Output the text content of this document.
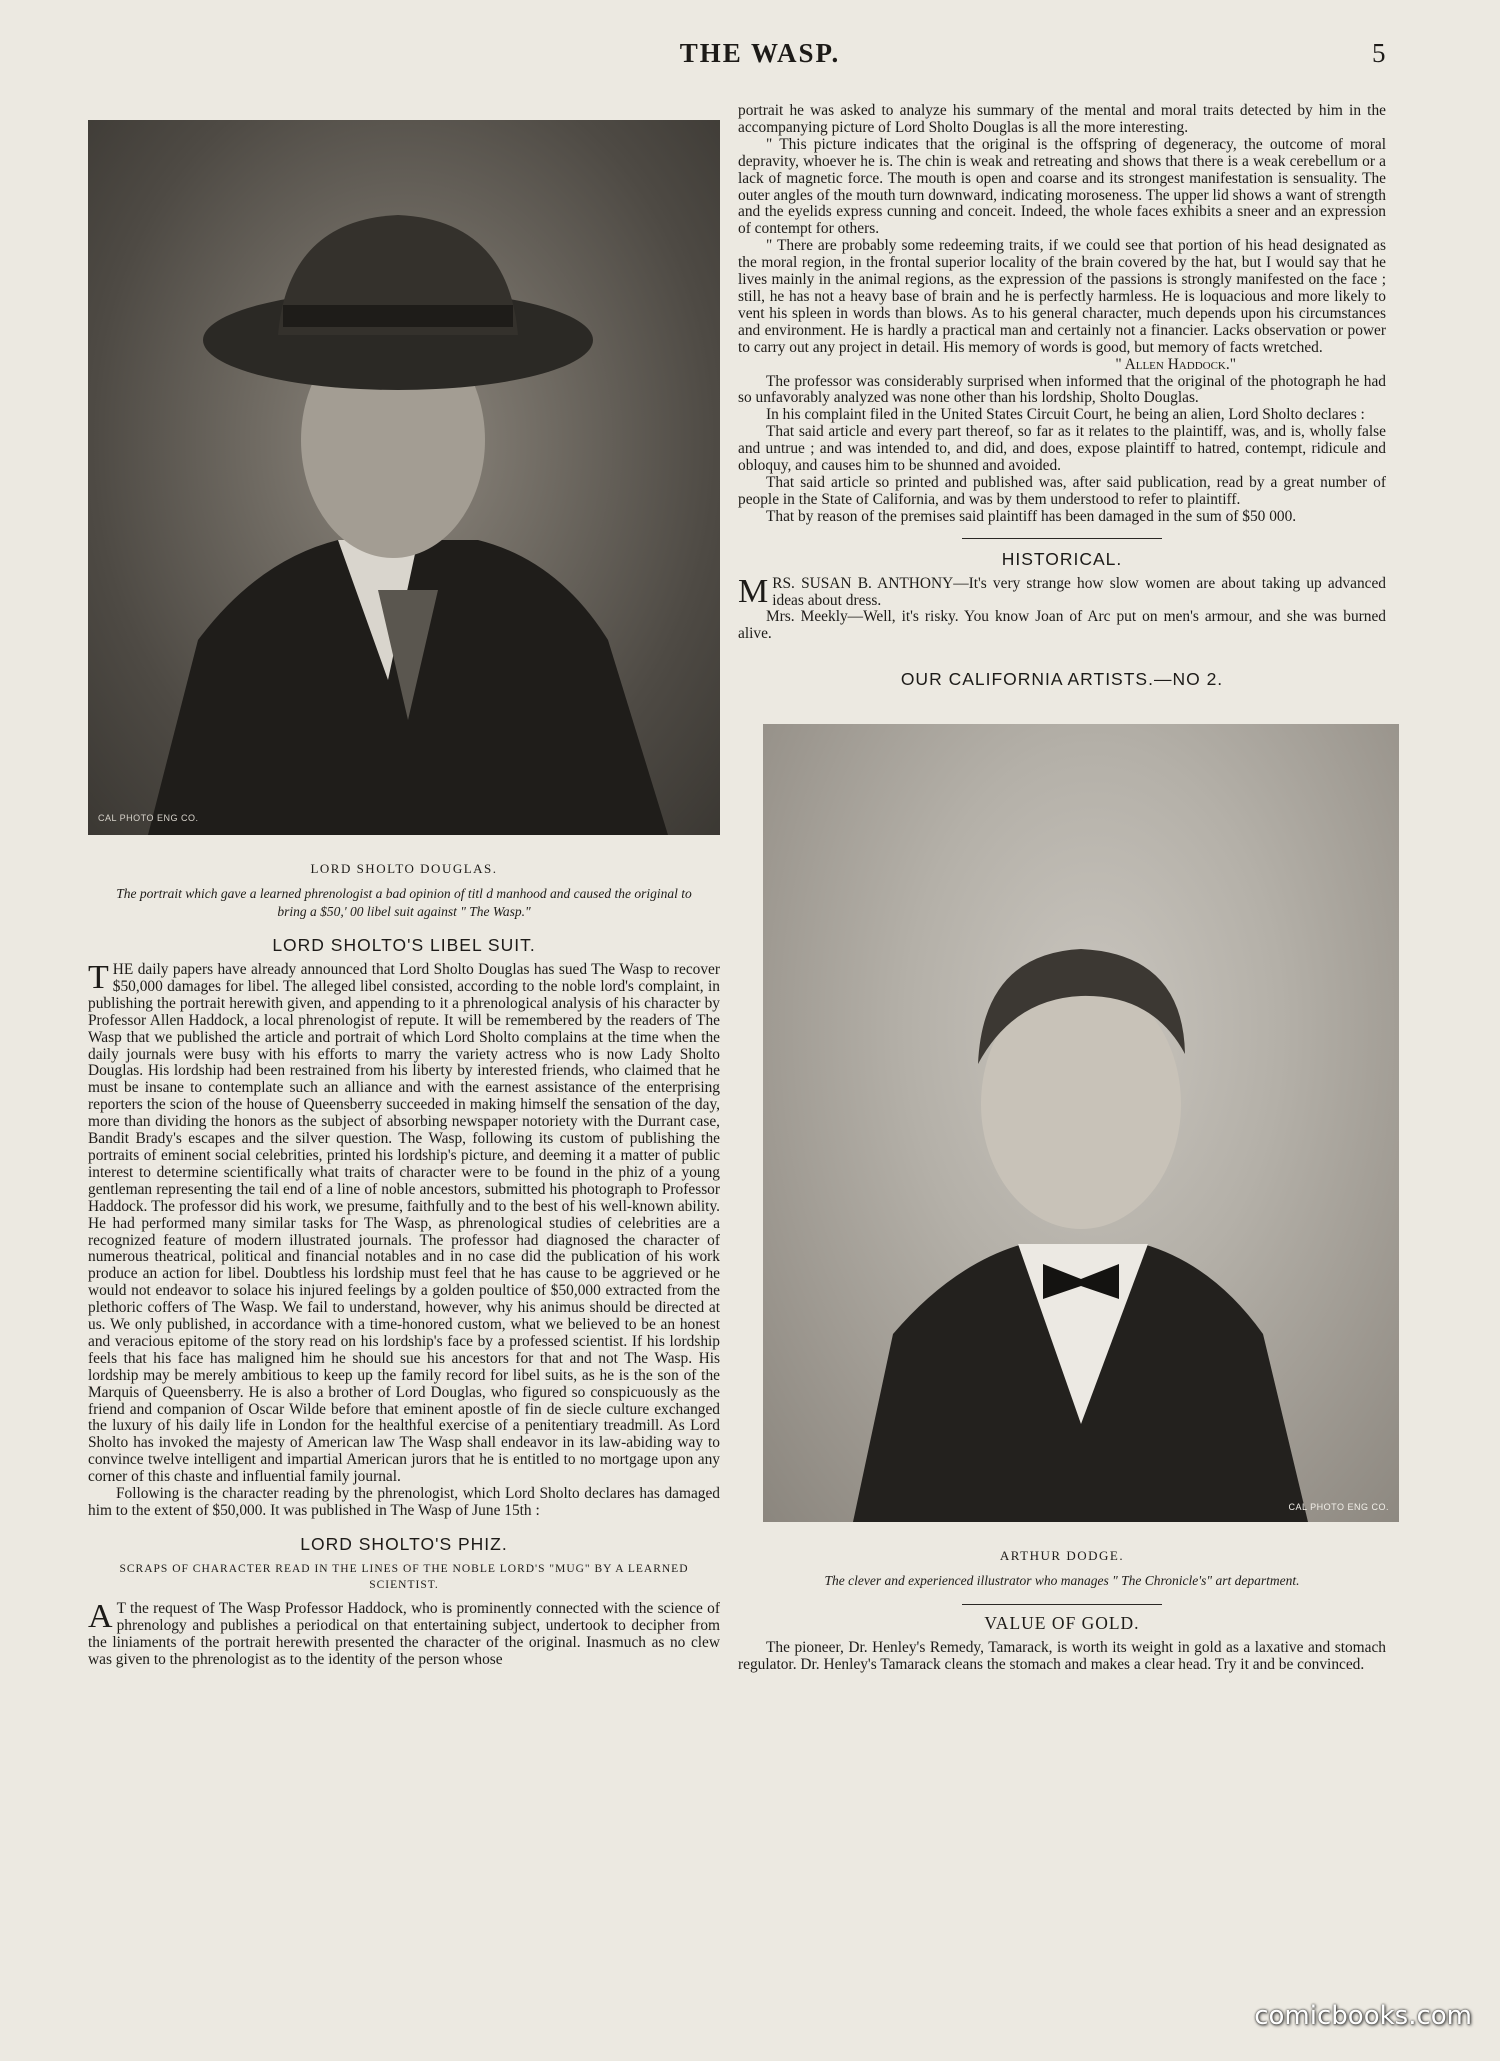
THE WASP.	5
CAL PHOTO ENG CO.
LORD SHOLTO DOUGLAS.
The portrait which gave a learned phrenologist a bad opinion of titl d manhood and caused the original to bring a $50,' 00 libel suit against " The Wasp."
LORD SHOLTO'S LIBEL SUIT.

THE daily papers have already announced that Lord Sholto Douglas has sued The Wasp to recover $50,000 damages for libel. The alleged libel consisted, according to the noble lord's complaint, in publishing the portrait herewith given, and appending to it a phrenological analysis of his character by Professor Allen Haddock, a local phrenologist of repute. It will be remembered by the readers of The Wasp that we published the article and portrait of which Lord Sholto complains at the time when the daily journals were busy with his efforts to marry the variety actress who is now Lady Sholto Douglas. His lordship had been restrained from his liberty by interested friends, who claimed that he must be insane to contemplate such an alliance and with the earnest assistance of the enterprising reporters the scion of the house of Queensberry succeeded in making himself the sensation of the day, more than dividing the honors as the subject of absorbing newspaper notoriety with the Durrant case, Bandit Brady's escapes and the silver question. The Wasp, following its custom of publishing the portraits of eminent social celebrities, printed his lordship's picture, and deeming it a matter of public interest to determine scientifically what traits of character were to be found in the phiz of a young gentleman representing the tail end of a line of noble ancestors, submitted his photograph to Professor Haddock. The professor did his work, we presume, faithfully and to the best of his well-known ability. He had performed many similar tasks for The Wasp, as phrenological studies of celebrities are a recognized feature of modern illustrated journals. The professor had diagnosed the character of numerous theatrical, political and financial notables and in no case did the publication of his work produce an action for libel. Doubtless his lordship must feel that he has cause to be aggrieved or he would not endeavor to solace his injured feelings by a golden poultice of $50,000 extracted from the plethoric coffers of The Wasp. We fail to understand, however, why his animus should be directed at us. We only published, in accordance with a time-honored custom, what we believed to be an honest and veracious epitome of the story read on his lordship's face by a professed scientist. If his lordship feels that his face has maligned him he should sue his ancestors for that and not The Wasp. His lordship may be merely ambitious to keep up the family record for libel suits, as he is the son of the Marquis of Queensberry. He is also a brother of Lord Douglas, who figured so conspicuously as the friend and companion of Oscar Wilde before that eminent apostle of fin de siecle culture exchanged the luxury of his daily life in London for the healthful exercise of a penitentiary treadmill. As Lord Sholto has invoked the majesty of American law The Wasp shall endeavor in its law-abiding way to convince twelve intelligent and impartial American jurors that he is entitled to no mortgage upon any corner of this chaste and influential family journal.

Following is the character reading by the phrenologist, which Lord Sholto declares has damaged him to the extent of $50,000. It was published in The Wasp of June 15th :

LORD SHOLTO'S PHIZ.
SCRAPS OF CHARACTER READ IN THE LINES OF THE NOBLE LORD'S "MUG" BY A LEARNED SCIENTIST.

A T the request of The Wasp Professor Haddock, who is prominently connected with the science of phrenology and publishes a periodical on that entertaining subject, undertook to decipher from the liniaments of the portrait herewith presented the character of the original. Inasmuch as no clew was given to the phrenologist as to the identity of the person whose

portrait he was asked to analyze his summary of the mental and moral traits detected by him in the accompanying picture of Lord Sholto Douglas is all the more interesting.

" This picture indicates that the original is the offspring of degeneracy, the outcome of moral depravity, whoever he is. The chin is weak and retreating and shows that there is a weak cerebellum or a lack of magnetic force. The mouth is open and coarse and its strongest manifestation is sensuality. The outer angles of the mouth turn downward, indicating moroseness. The upper lid shows a want of strength and the eyelids express cunning and conceit. Indeed, the whole faces exhibits a sneer and an expression of contempt for others.

" There are probably some redeeming traits, if we could see that portion of his head designated as the moral region, in the frontal superior locality of the brain covered by the hat, but I would say that he lives mainly in the animal regions, as the expression of the passions is strongly manifested on the face ; still, he has not a heavy base of brain and he is perfectly harmless. He is loquacious and more likely to vent his spleen in words than blows. As to his general character, much depends upon his circumstances and environment. He is hardly a practical man and certainly not a financier. Lacks observation or power to carry out any project in detail. His memory of words is good, but memory of facts wretched.

" Allen Haddock."

The professor was considerably surprised when informed that the original of the photograph he had so unfavorably analyzed was none other than his lordship, Sholto Douglas.

In his complaint filed in the United States Circuit Court, he being an alien, Lord Sholto declares :

That said article and every part thereof, so far as it relates to the plaintiff, was, and is, wholly false and untrue ; and was intended to, and did, and does, expose plaintiff to hatred, contempt, ridicule and obloquy, and causes him to be shunned and avoided.

That said article so printed and published was, after said publication, read by a great number of people in the State of California, and was by them understood to refer to plaintiff.

That by reason of the premises said plaintiff has been damaged in the sum of $50 000.

HISTORICAL.

MRS. SUSAN B. ANTHONY—It's very strange how slow women are about taking up advanced ideas about dress.

Mrs. Meekly—Well, it's risky. You know Joan of Arc put on men's armour, and she was burned alive.

OUR CALIFORNIA ARTISTS.—NO 2.
CAL PHOTO ENG CO.
ARTHUR DODGE.
The clever and experienced illustrator who manages " The Chronicle's" art department.
VALUE OF GOLD.

The pioneer, Dr. Henley's Remedy, Tamarack, is worth its weight in gold as a laxative and stomach regulator. Dr. Henley's Tamarack cleans the stomach and makes a clear head. Try it and be convinced.

comicbooks.com
